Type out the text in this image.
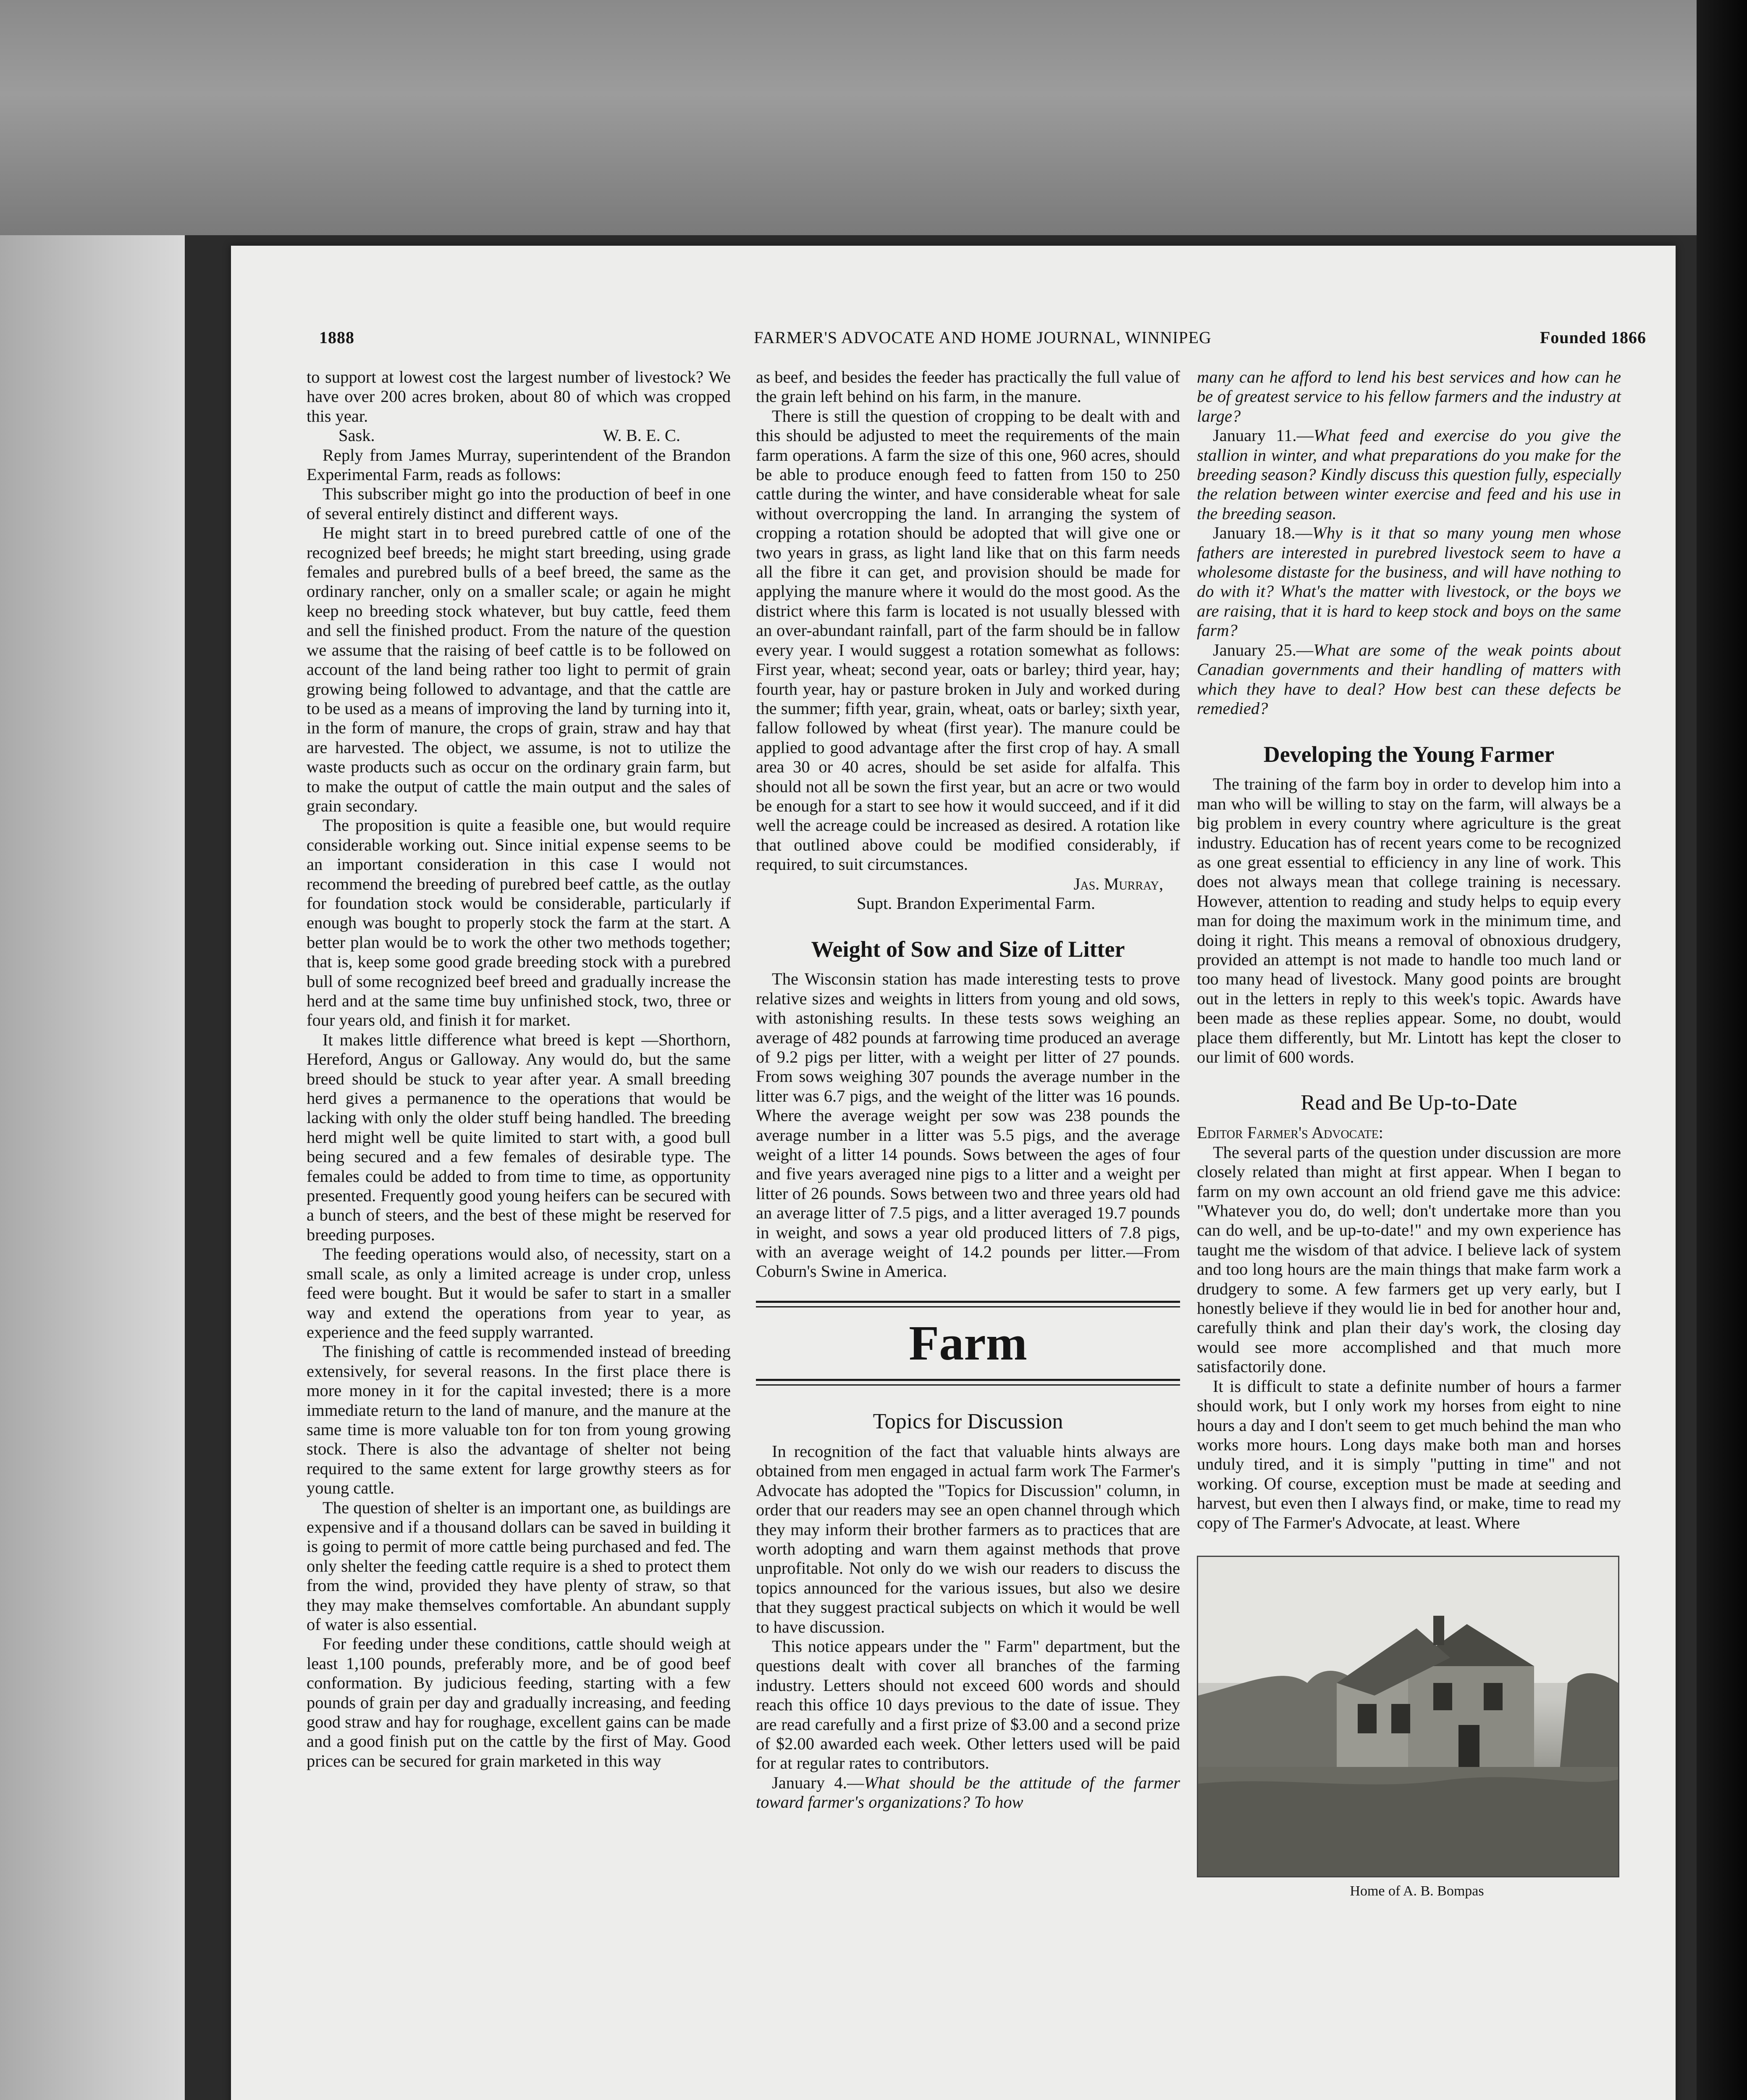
FARMER'S ADVOCATE AND HOME JOURNAL, WINNIPEG
1888	Founded 1866

to support at lowest cost the largest number of livestock? We have over 200 acres broken, about 80 of which was cropped this year.

Sask.	W. B. E. C.

Reply from James Murray, superintendent of the Brandon Experimental Farm, reads as follows:

This subscriber might go into the production of beef in one of several entirely distinct and different ways.

He might start in to breed purebred cattle of one of the recognized beef breeds; he might start breeding, using grade females and purebred bulls of a beef breed, the same as the ordinary rancher, only on a smaller scale; or again he might keep no breeding stock whatever, but buy cattle, feed them and sell the finished product. From the nature of the question we assume that the raising of beef cattle is to be followed on account of the land being rather too light to permit of grain growing being followed to advantage, and that the cattle are to be used as a means of improving the land by turning into it, in the form of manure, the crops of grain, straw and hay that are harvested. The object, we assume, is not to utilize the waste products such as occur on the ordinary grain farm, but to make the output of cattle the main output and the sales of grain secondary.

The proposition is quite a feasible one, but would require considerable working out. Since initial expense seems to be an important consideration in this case I would not recommend the breeding of purebred beef cattle, as the outlay for foundation stock would be considerable, particularly if enough was bought to properly stock the farm at the start. A better plan would be to work the other two methods together; that is, keep some good grade breeding stock with a purebred bull of some recognized beef breed and gradually increase the herd and at the same time buy unfinished stock, two, three or four years old, and finish it for market.

It makes little difference what breed is kept —Shorthorn, Hereford, Angus or Galloway. Any would do, but the same breed should be stuck to year after year. A small breeding herd gives a permanence to the operations that would be lacking with only the older stuff being handled. The breeding herd might well be quite limited to start with, a good bull being secured and a few females of desirable type. The females could be added to from time to time, as opportunity presented. Frequently good young heifers can be secured with a bunch of steers, and the best of these might be reserved for breeding purposes.

The feeding operations would also, of necessity, start on a small scale, as only a limited acreage is under crop, unless feed were bought. But it would be safer to start in a smaller way and extend the operations from year to year, as experience and the feed supply warranted.

The finishing of cattle is recommended instead of breeding extensively, for several reasons. In the first place there is more money in it for the capital invested; there is a more immediate return to the land of manure, and the manure at the same time is more valuable ton for ton from young growing stock. There is also the advantage of shelter not being required to the same extent for large growthy steers as for young cattle.

The question of shelter is an important one, as buildings are expensive and if a thousand dollars can be saved in building it is going to permit of more cattle being purchased and fed. The only shelter the feeding cattle require is a shed to protect them from the wind, provided they have plenty of straw, so that they may make themselves comfortable. An abundant supply of water is also essential.

For feeding under these conditions, cattle should weigh at least 1,100 pounds, preferably more, and be of good beef conformation. By judicious feeding, starting with a few pounds of grain per day and gradually increasing, and feeding good straw and hay for roughage, excellent gains can be made and a good finish put on the cattle by the first of May. Good prices can be secured for grain marketed in this way

as beef, and besides the feeder has practically the full value of the grain left behind on his farm, in the manure.

There is still the question of cropping to be dealt with and this should be adjusted to meet the requirements of the main farm operations. A farm the size of this one, 960 acres, should be able to produce enough feed to fatten from 150 to 250 cattle during the winter, and have considerable wheat for sale without overcropping the land. In arranging the system of cropping a rotation should be adopted that will give one or two years in grass, as light land like that on this farm needs all the fibre it can get, and provision should be made for applying the manure where it would do the most good. As the district where this farm is located is not usually blessed with an over-abundant rainfall, part of the farm should be in fallow every year. I would suggest a rotation somewhat as follows: First year, wheat; second year, oats or barley; third year, hay; fourth year, hay or pasture broken in July and worked during the summer; fifth year, grain, wheat, oats or barley; sixth year, fallow followed by wheat (first year). The manure could be applied to good advantage after the first crop of hay. A small area 30 or 40 acres, should be set aside for alfalfa. This should not all be sown the first year, but an acre or two would be enough for a start to see how it would succeed, and if it did well the acreage could be increased as desired. A rotation like that outlined above could be modified considerably, if required, to suit circumstances.

Jas. Murray,

Supt. Brandon Experimental Farm.

Weight of Sow and Size of Litter

The Wisconsin station has made interesting tests to prove relative sizes and weights in litters from young and old sows, with astonishing results. In these tests sows weighing an average of 482 pounds at farrowing time produced an average of 9.2 pigs per litter, with a weight per litter of 27 pounds. From sows weighing 307 pounds the average number in the litter was 6.7 pigs, and the weight of the litter was 16 pounds. Where the average weight per sow was 238 pounds the average number in a litter was 5.5 pigs, and the average weight of a litter 14 pounds. Sows between the ages of four and five years averaged nine pigs to a litter and a weight per litter of 26 pounds. Sows between two and three years old had an average litter of 7.5 pigs, and a litter averaged 19.7 pounds in weight, and sows a year old produced litters of 7.8 pigs, with an average weight of 14.2 pounds per litter.—From Coburn's Swine in America.

Farm
Topics for Discussion

In recognition of the fact that valuable hints always are obtained from men engaged in actual farm work The Farmer's Advocate has adopted the "Topics for Discussion" column, in order that our readers may see an open channel through which they may inform their brother farmers as to practices that are worth adopting and warn them against methods that prove unprofitable. Not only do we wish our readers to discuss the topics announced for the various issues, but also we desire that they suggest practical subjects on which it would be well to have discussion.

This notice appears under the " Farm" department, but the questions dealt with cover all branches of the farming industry. Letters should not exceed 600 words and should reach this office 10 days previous to the date of issue. They are read carefully and a first prize of $3.00 and a second prize of $2.00 awarded each week. Other letters used will be paid for at regular rates to contributors.

January 4.—What should be the attitude of the farmer toward farmer's organizations? To how

many can he afford to lend his best services and how can he be of greatest service to his fellow farmers and the industry at large?

January 11.—What feed and exercise do you give the stallion in winter, and what preparations do you make for the breeding season? Kindly discuss this question fully, especially the relation between winter exercise and feed and his use in the breeding season.

January 18.—Why is it that so many young men whose fathers are interested in purebred livestock seem to have a wholesome distaste for the business, and will have nothing to do with it? What's the matter with livestock, or the boys we are raising, that it is hard to keep stock and boys on the same farm?

January 25.—What are some of the weak points about Canadian governments and their handling of matters with which they have to deal? How best can these defects be remedied?

Developing the Young Farmer

The training of the farm boy in order to develop him into a man who will be willing to stay on the farm, will always be a big problem in every country where agriculture is the great industry. Education has of recent years come to be recognized as one great essential to efficiency in any line of work. This does not always mean that college training is necessary. However, attention to reading and study helps to equip every man for doing the maximum work in the minimum time, and doing it right. This means a removal of obnoxious drudgery, provided an attempt is not made to handle too much land or too many head of livestock. Many good points are brought out in the letters in reply to this week's topic. Awards have been made as these replies appear. Some, no doubt, would place them differently, but Mr. Lintott has kept the closer to our limit of 600 words.

Read and Be Up-to-Date

Editor Farmer's Advocate:

The several parts of the question under discussion are more closely related than might at first appear. When I began to farm on my own account an old friend gave me this advice: "Whatever you do, do well; don't undertake more than you can do well, and be up-to-date!" and my own experience has taught me the wisdom of that advice. I believe lack of system and too long hours are the main things that make farm work a drudgery to some. A few farmers get up very early, but I honestly believe if they would lie in bed for another hour and, carefully think and plan their day's work, the closing day would see more accomplished and that much more satisfactorily done.

It is difficult to state a definite number of hours a farmer should work, but I only work my horses from eight to nine hours a day and I don't seem to get much behind the man who works more hours. Long days make both man and horses unduly tired, and it is simply "putting in time" and not working. Of course, exception must be made at seeding and harvest, but even then I always find, or make, time to read my copy of The Farmer's Advocate, at least. Where

Home of A. B. Bompas
